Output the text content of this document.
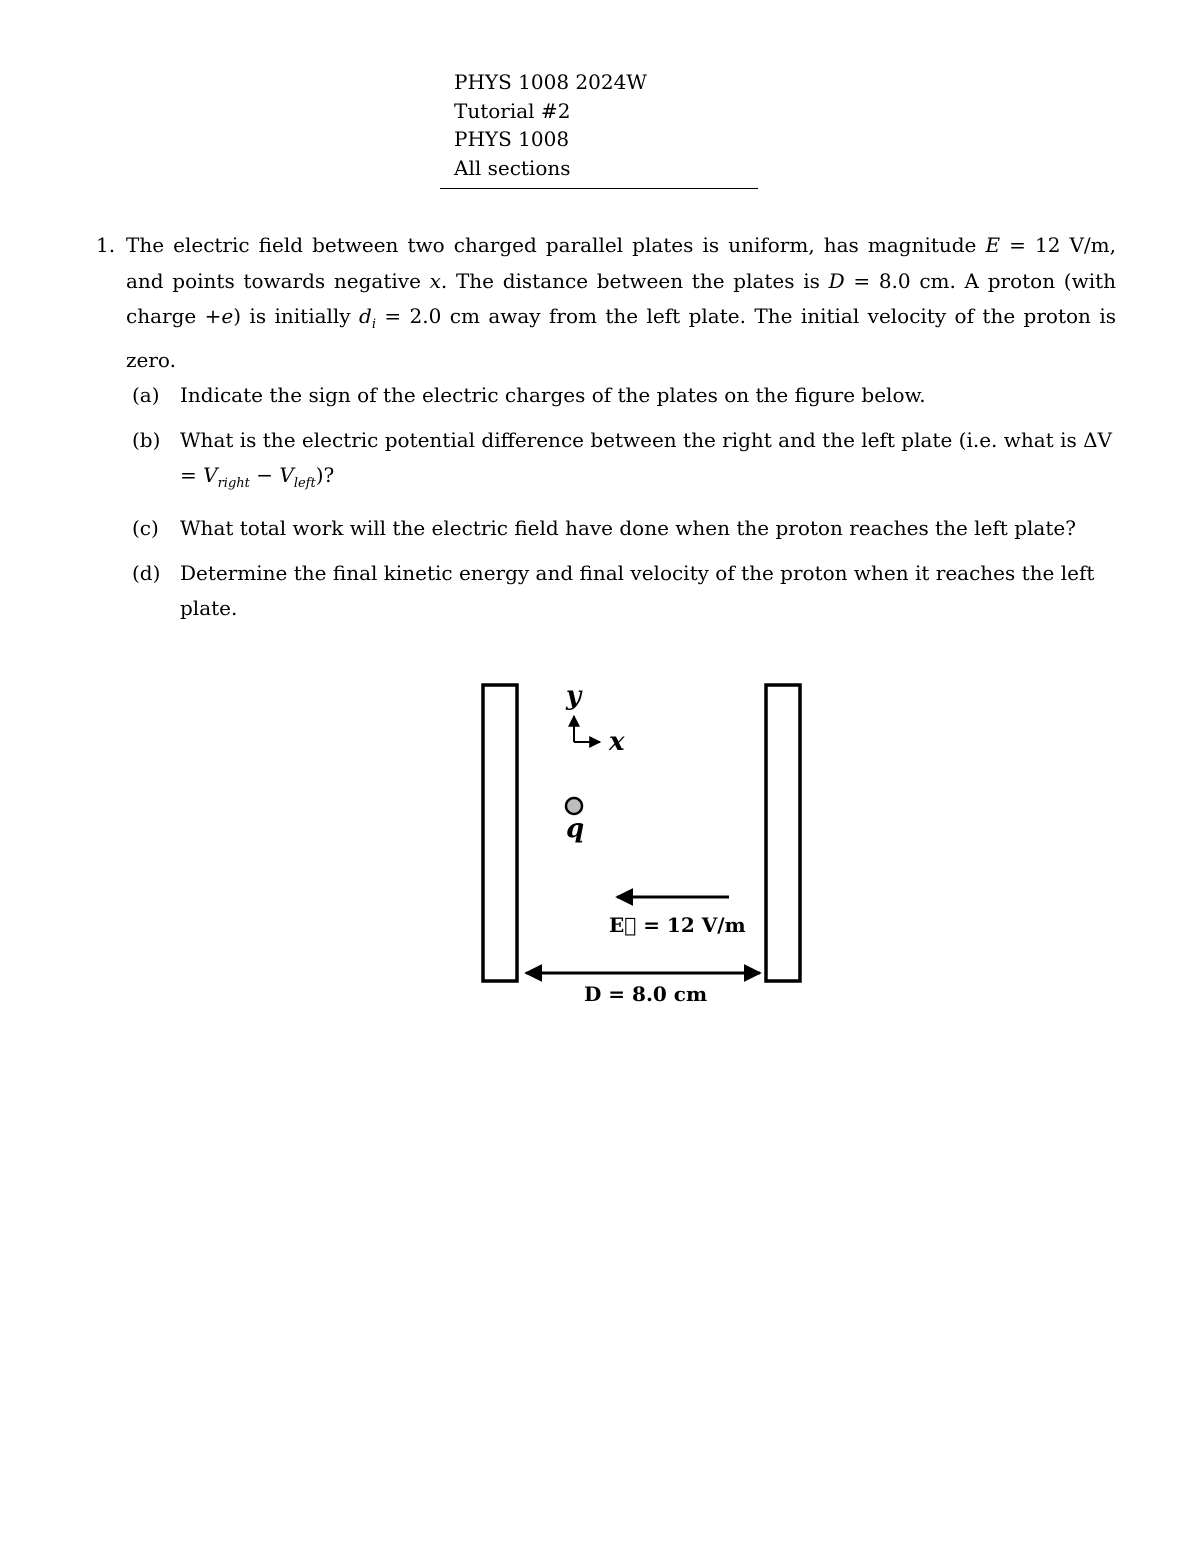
PHYS 1008 2024W
Tutorial #2
PHYS 1008
All sections
1. The electric field between two charged parallel plates is uniform, has magnitude E = 12 V/m, and points towards negative x. The distance between the plates is D = 8.0 cm. A proton (with charge +e) is initially $d_i = 2.0$ cm away from the left plate. The initial velocity of the proton is zero.
(a) Indicate the sign of the electric charges of the plates on the figure below.
(b) What is the electric potential difference between the right and the left plate (i.e. what is $\Delta V = V_{right} - V_{left}$)?
(c) What total work will the electric field have done when the proton reaches the left plate?
(d) Determine the final kinetic energy and final velocity of the proton when it reaches the left plate.
y
x
q
E⃗ = 12 V/m
D = 8.0 cm
